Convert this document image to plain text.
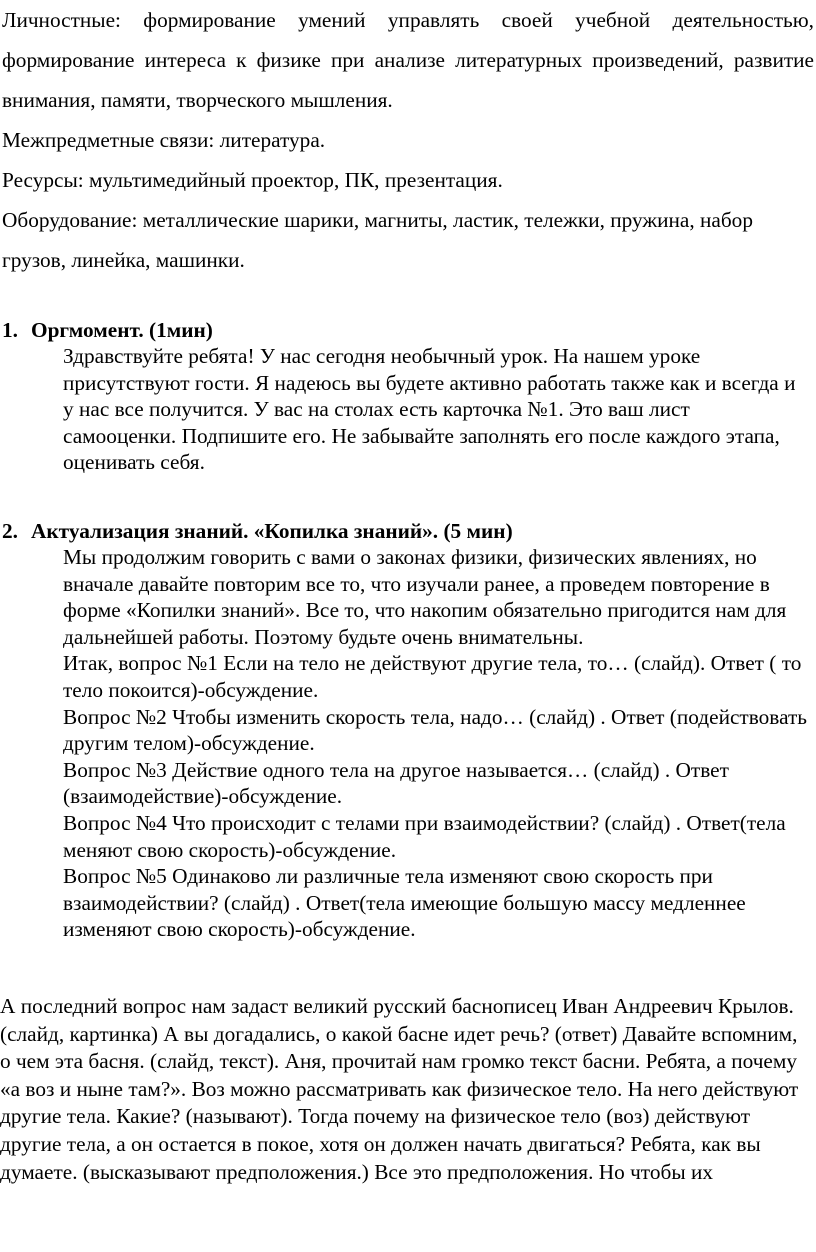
Личностные: формирование умений управлять своей учебной деятельностью, формирование интереса к физике при анализе литературных произведений, развитие внимания, памяти, творческого мышления.

Межпредметные связи: литература.

Ресурсы: мультимедийный проектор, ПК, презентация.

Оборудование: металлические шарики, магниты, ластик, тележки, пружина, набор грузов, линейка, машинки.

1. Оргмомент. (1мин)

Здравствуйте ребята! У нас сегодня необычный урок. На нашем уроке присутствуют гости. Я надеюсь вы будете активно работать также как и всегда и у нас все получится. У вас на столах есть карточка №1. Это ваш лист самооценки. Подпишите его. Не забывайте заполнять его после каждого этапа, оценивать себя.

2. Актуализация знаний. «Копилка знаний». (5 мин)

Мы продолжим говорить с вами о законах физики, физических явлениях, но вначале давайте повторим все то, что изучали ранее, а проведем повторение в форме «Копилки знаний». Все то, что накопим обязательно пригодится нам для дальнейшей работы. Поэтому будьте очень внимательны.

Итак, вопрос №1 Если на тело не действуют другие тела, то… (слайд). Ответ ( то тело покоится)-обсуждение.

Вопрос №2 Чтобы изменить скорость тела, надо… (слайд) . Ответ (подействовать другим телом)-обсуждение.

Вопрос №3 Действие одного тела на другое называется… (слайд) . Ответ (взаимодействие)-обсуждение.

Вопрос №4 Что происходит с телами при взаимодействии? (слайд) . Ответ(тела меняют свою скорость)-обсуждение.

Вопрос №5 Одинаково ли различные тела изменяют свою скорость при взаимодействии? (слайд) . Ответ(тела имеющие большую массу медленнее изменяют свою скорость)-обсуждение.

А последний вопрос нам задаст великий русский баснописец Иван Андреевич Крылов. (слайд, картинка) А вы догадались, о какой басне идет речь? (ответ) Давайте вспомним, о чем эта басня. (слайд, текст). Аня, прочитай нам громко текст басни. Ребята, а почему «а воз и ныне там?». Воз можно рассматривать как физическое тело. На него действуют другие тела. Какие? (называют). Тогда почему на физическое тело (воз) действуют другие тела, а он остается в покое, хотя он должен начать двигаться? Ребята, как вы думаете. (высказывают предположения.) Все это предположения. Но чтобы их
